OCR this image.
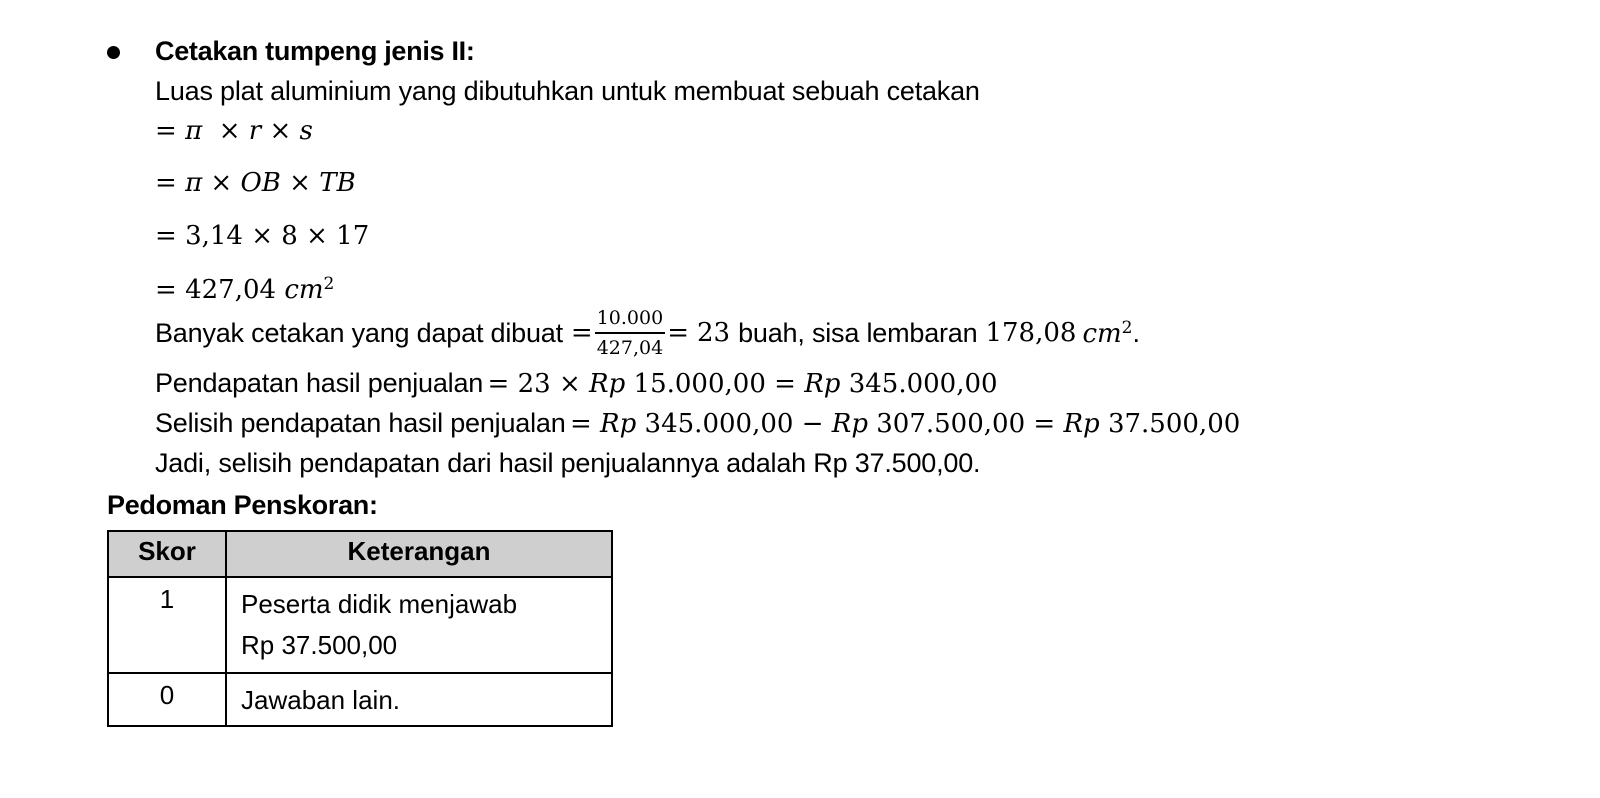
Cetakan tumpeng jenis II:
Luas plat aluminium yang dibutuhkan untuk membuat sebuah cetakan
= π × r × s
= π × OB × TB
= 3,14 × 8 × 17
= 427,04 $cm^2$
Banyak cetakan yang dapat dibuat = $\frac{10.000}{427,04} = 23$ buah, sisa lembaran 178,08 $cm^2$ .
Pendapatan hasil penjualan = 23 × Rp 15.000,00 = Rp 345.000,00
Selisih pendapatan hasil penjualan = Rp 345.000,00 − Rp 307.500,00 = Rp 37.500,00
Jadi, selisih pendapatan dari hasil penjualannya adalah Rp 37.500,00.
Pedoman Penskoran:
Skor	Keterangan
1	Peserta didik menjawab
Rp 37.500,00
0	Jawaban lain.
